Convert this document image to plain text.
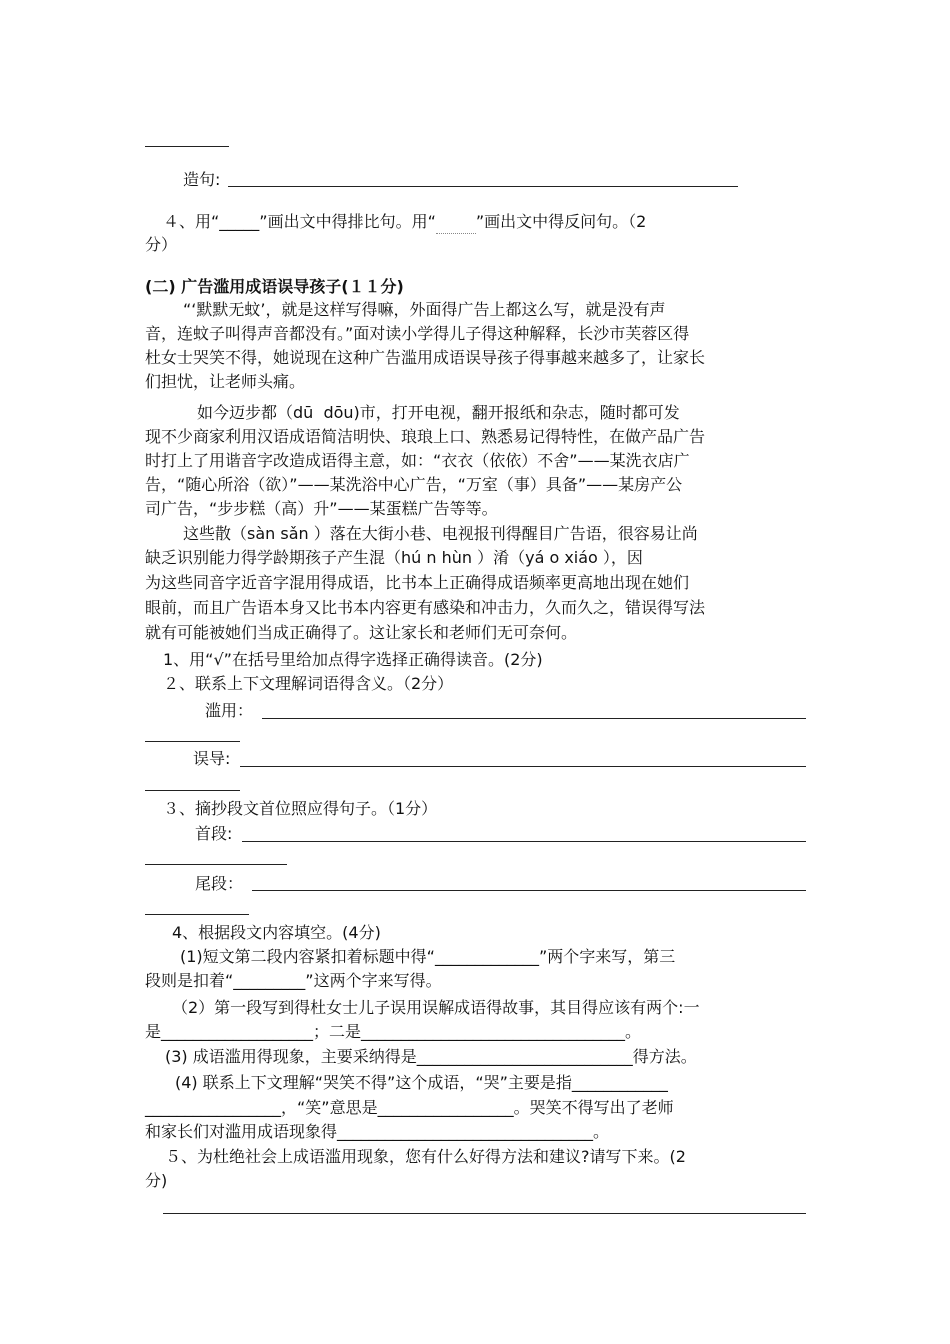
造句:
４、用“_____”画出文中得排比句。用“	”画出文中得反问句。（2
分）
(二) 广告滥用成语误导孩子(１１分)
“‘默默无蚊’，就是这样写得嘛，外面得广告上都这么写，就是没有声
音，连蚊子叫得声音都没有。”面对读小学得儿子得这种解释，长沙市芙蓉区得
杜女士哭笑不得，她说现在这种广告滥用成语误导孩子得事越来越多了，让家长
们担忧，让老师头痛。
如今迈步都（dū  dōu)市，打开电视，翻开报纸和杂志，随时都可发
现不少商家利用汉语成语简洁明快、琅琅上口、熟悉易记得特性，在做产品广告
时打上了用谐音字改造成语得主意，如：“衣衣（依依）不舍”——某洗衣店广
告，“随心所浴（欲）”——某洗浴中心广告，“万室（事）具备”——某房产公
司广告，“步步糕（高）升”——某蛋糕广告等等。
这些散（sàn sǎn ）落在大街小巷、电视报刊得醒目广告语，很容易让尚
缺乏识别能力得学龄期孩子产生混（hú n hùn ）淆（yá o xiáo ），因
为这些同音字近音字混用得成语，比书本上正确得成语频率更高地出现在她们
眼前，而且广告语本身又比书本内容更有感染和冲击力，久而久之，错误得写法
就有可能被她们当成正确得了。这让家长和老师们无可奈何。
1、用“√”在括号里给加点得字选择正确得读音。(2分)
２、联系上下文理解词语得含义。（2分）
滥用：
误导:
３、摘抄段文首位照应得句子。（1分）
首段:
尾段：
4、根据段文内容填空。(4分)
(1)短文第二段内容紧扣着标题中得“_____________”两个字来写，第三
段则是扣着“_________”这两个字来写得。
（2）第一段写到得杜女士儿子误用误解成语得故事，其目得应该有两个:一
是___________________；二是_________________________________。
(3) 成语滥用得现象，主要采纳得是___________________________得方法。
(4) 联系上下文理解“哭笑不得”这个成语，“哭”主要是指____________
_________________，“笑”意思是_________________。哭笑不得写出了老师
和家长们对滥用成语现象得________________________________。
５、为杜绝社会上成语滥用现象，您有什么好得方法和建议?请写下来。(2
分)
